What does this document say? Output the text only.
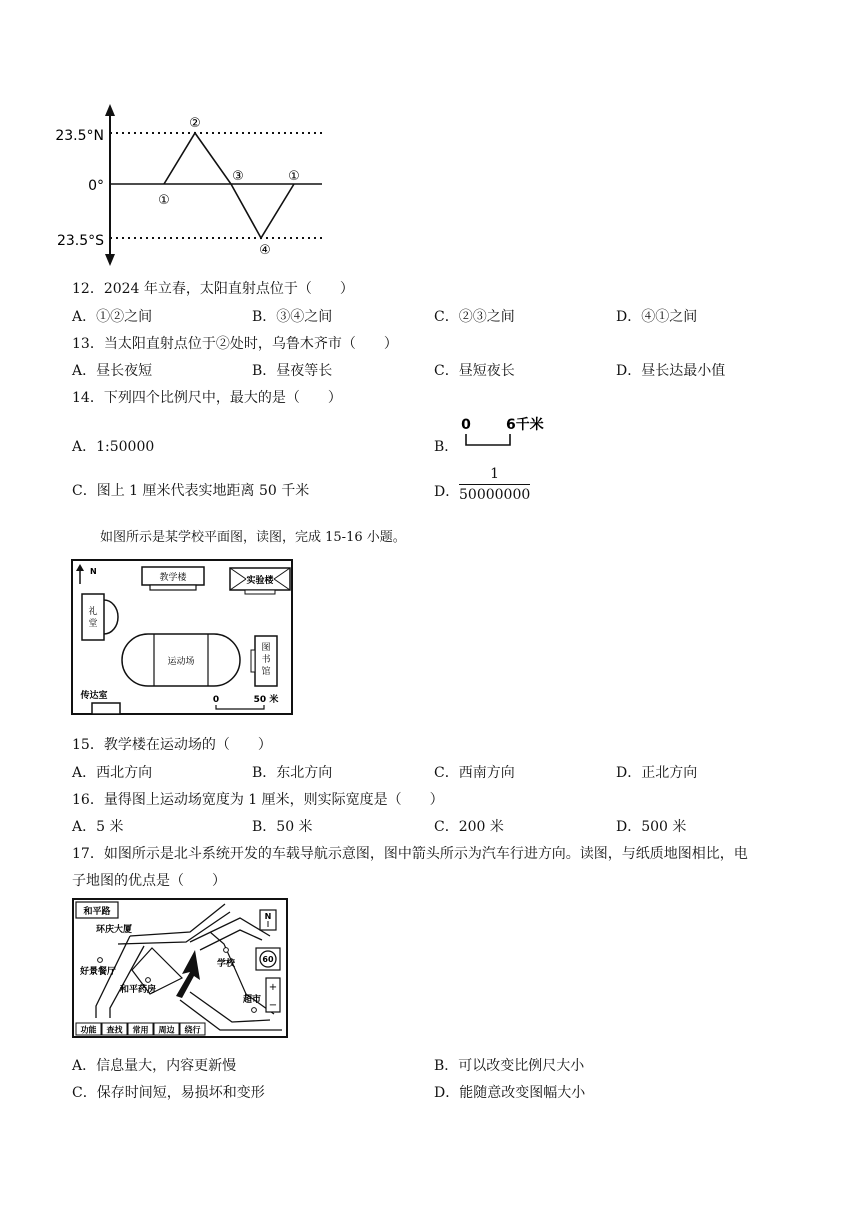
23.5°N
0°
23.5°S
①
②
③
④
①
12．2024 年立春，太阳直射点位于（　　）
A．①②之间	B．③④之间	C．②③之间	D．④①之间
13．当太阳直射点位于②处时，乌鲁木齐市（　　）
A．昼长夜短	B．昼夜等长	C．昼短夜长	D．昼长达最小值
14．下列四个比例尺中，最大的是（　　）
A．1:50000	B．
0	6千米
C．图上 1 厘米代表实地距离 50 千米	D． $\frac{1}{50000000}$
如图所示是某学校平面图，读图，完成 15-16 小题。
N
教学楼	实验楼
礼
堂
运动场
图
书
馆
传达室	0	50 米
15．教学楼在运动场的（　　）
A．西北方向	B．东北方向	C．西南方向	D．正北方向
16．量得图上运动场宽度为 1 厘米，则实际宽度是（　　）
A．5 米	B．50 米	C．200 米	D．500 米
17．如图所示是北斗系统开发的车载导航示意图，图中箭头所示为汽车行进方向。读图，与纸质地图相比，电
子地图的优点是（　　）
和平路
环庆大厦
好景餐厅
和平药房
学校
超市
N
60
+
−
功能 查找 常用 周边 绕行
A．信息量大，内容更新慢	B．可以改变比例尺大小
C．保存时间短，易损坏和变形	D．能随意改变图幅大小
